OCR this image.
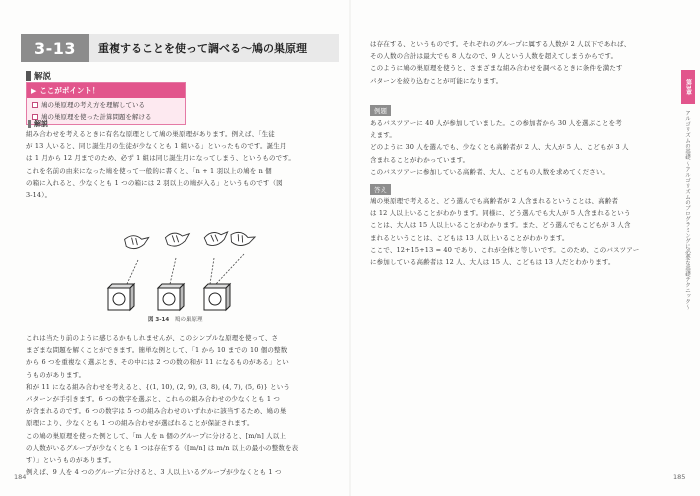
3-13	重複することを使って調べる～鳩の巣原理
解説
▶ ここがポイント！
鳩の巣原理の考え方を理解している
鳩の巣原理を使った計算問題を解ける
解説
組み合わせを考えるときに有名な原理として鳩の巣原理があります。例えば、「生徒
が 13 人いると、同じ誕生月の生徒が少なくとも 1 組いる」といったものです。誕生月
は 1 月から 12 月までのため、必ず 1 組は同じ誕生月になってしまう、というものです。
これを名前の由来になった鳩を使って一般的に書くと、「n + 1 羽以上の鳩を n 個
の箱に入れると、少なくとも 1 つの箱には 2 羽以上の鳩が入る」というものです（図
3-14）。
図 3-14 鳩の巣原理
これは当たり前のように感じるかもしれませんが、このシンプルな原理を使って、さ
まざまな問題を解くことができます。簡単な例として、「1 から 10 までの 10 個の整数
から 6 つを重複なく選ぶとき、その中には 2 つの数の和が 11 になるものがある」とい
うものがあります。
和が 11 になる組み合わせを考えると、{(1, 10), (2, 9), (3, 8), (4, 7), (5, 6)} という
パターンが手引きます。6 つの数字を選ぶと、これらの組み合わせの少なくとも 1 つ
が含まれるのです。6 つの数字は 5 つの組み合わせのいずれかに該当するため、鳩の巣
原理により、少なくとも 1 つの組み合わせが選ばれることが保証されます。
この鳩の巣原理を使った例として、「m 人を n 個のグループに分けると、[m/n] 人以上
の人数がいるグループが少なくとも 1 つは存在する（[m/n] は m/n 以上の最小の整数を表
す）」というものがあります。
例えば、9 人を 4 つのグループに分けると、3 人以上いるグループが少なくとも 1 つ
184
は存在する、というものです。それぞれのグループに属する人数が 2 人以下であれば、
その人数の合計は最大でも 8 人なので、9 人という人数を超えてしまうからです。
このように鳩の巣原理を使うと、さまざまな組み合わせを調べるときに条件を満たす
パターンを絞り込むことが可能になります。
例題
あるバスツアーに 40 人が参加していました。この参加者から 30 人を選ぶことを考
えます。
どのように 30 人を選んでも、少なくとも高齢者が 2 人、大人が 5 人、こどもが 3 人
含まれることがわかっています。
このバスツアーに参加している高齢者、大人、こどもの人数を求めてください。
答え
鳩の巣原理で考えると、どう選んでも高齢者が 2 人含まれるということは、高齢者
は 12 人以上いることがわかります。同様に、どう選んでも大人が 5 人含まれるという
ことは、大人は 15 人以上いることがわかります。また、どう選んでもこどもが 3 人含
まれるということは、こどもは 13 人以上いることがわかります。
ここで、12+15+13 = 40 であり、これが全体と等しいです。このため、このバスツアー
に参加している高齢者は 12 人、大人は 15 人、こどもは 13 人だとわかります。
第3章
アルゴリズムの基礎 〜アルゴリズムのプログラミングに必要な基礎テクニック〜
185
